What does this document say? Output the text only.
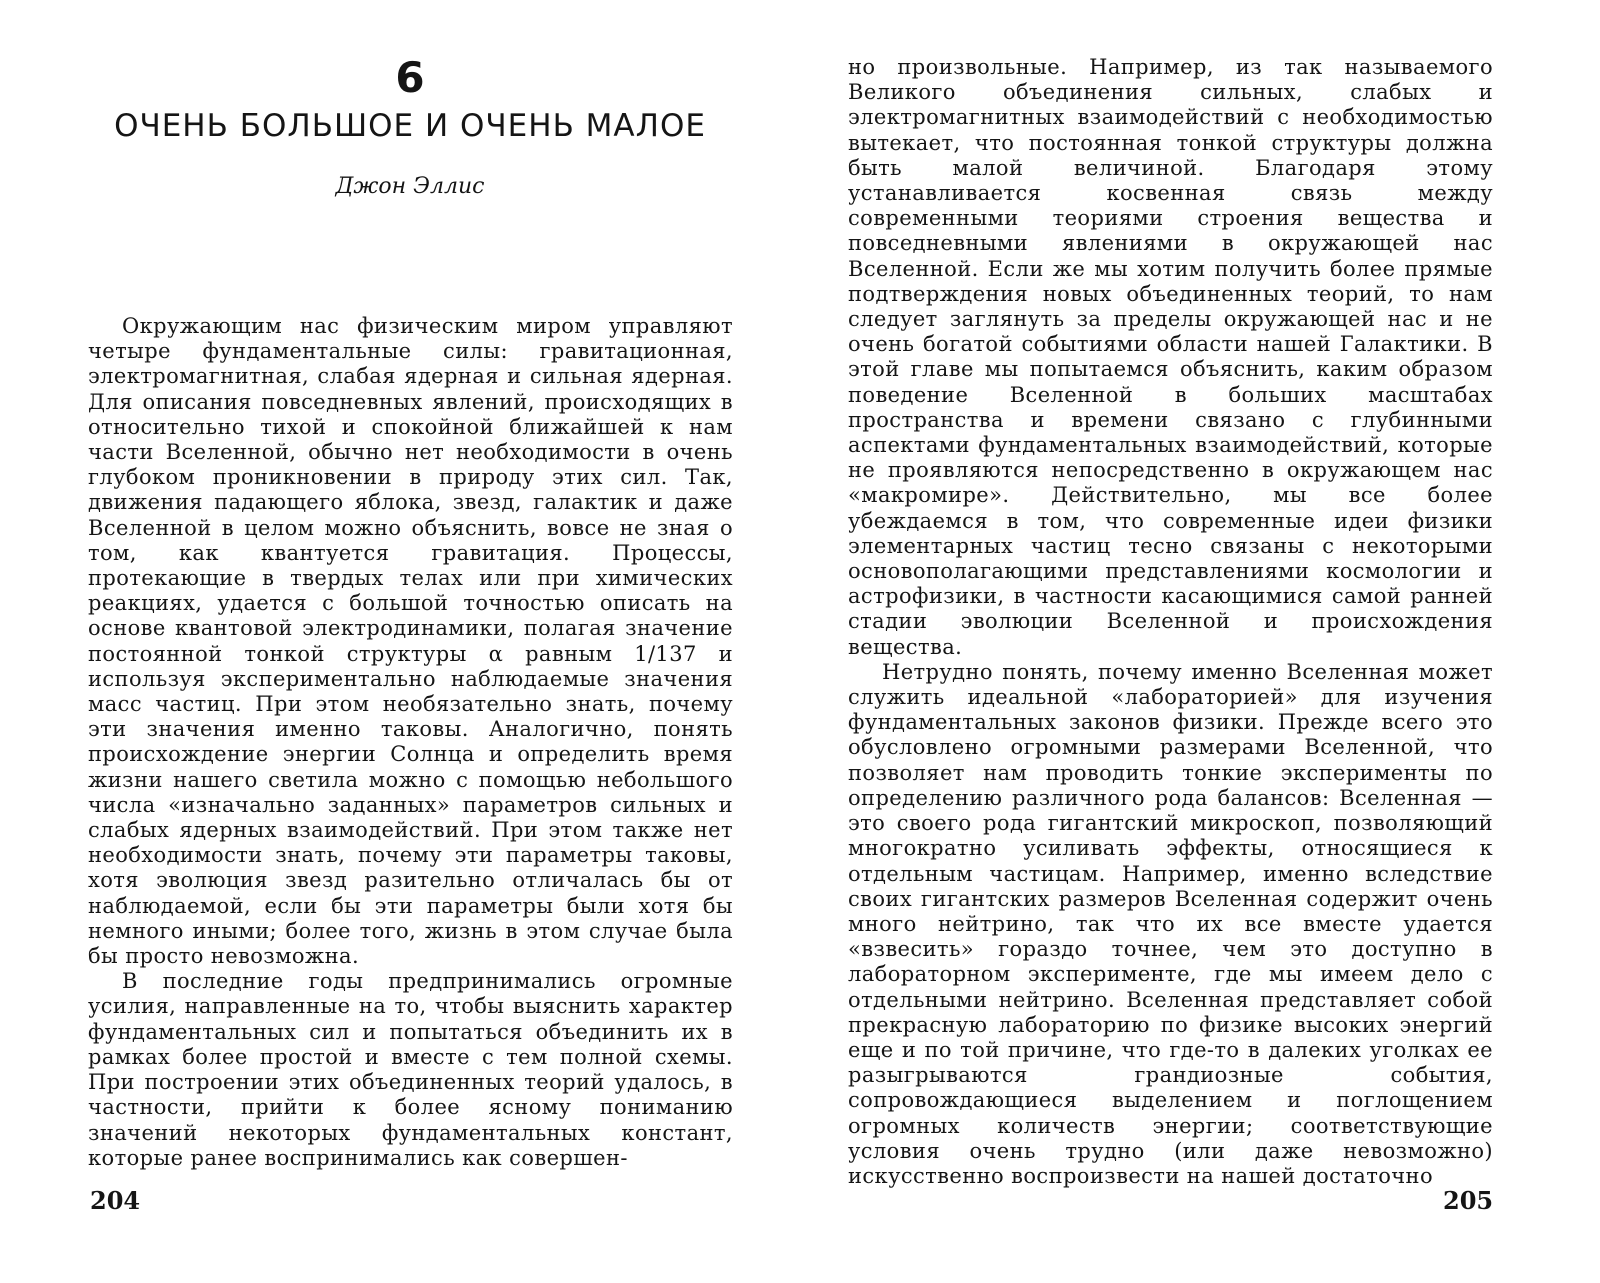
6
ОЧЕНЬ БОЛЬШОЕ И ОЧЕНЬ МАЛОЕ
Джон Эллис

Окружающим нас физическим миром управляют четыре фундаментальные силы: гравитационная, электромагнитная, слабая ядерная и сильная ядерная. Для описания повседневных явлений, происходящих в относительно тихой и спокойной ближайшей к нам части Вселенной, обычно нет необходимости в очень глубоком проникновении в природу этих сил. Так, движения падающего яблока, звезд, галактик и даже Вселенной в целом можно объяснить, вовсе не зная о том, как квантуется гравитация. Процессы, протекающие в твердых телах или при химических реакциях, удается с большой точностью описать на основе квантовой электродинамики, полагая значение постоянной тонкой структуры α равным 1/137 и используя экспериментально наблюдаемые значения масс частиц. При этом необязательно знать, почему эти значения именно таковы. Аналогично, понять происхождение энергии Солнца и определить время жизни нашего светила можно с помощью небольшого числа «изначально заданных» параметров сильных и слабых ядерных взаимодействий. При этом также нет необходимости знать, почему эти параметры таковы, хотя эволюция звезд разительно отличалась бы от наблюдаемой, если бы эти параметры были хотя бы немного иными; более того, жизнь в этом случае была бы просто невозможна.

В последние годы предпринимались огромные усилия, направленные на то, чтобы выяснить характер фундаментальных сил и попытаться объединить их в рамках более простой и вместе с тем полной схемы. При построении этих объединенных теорий удалось, в частности, прийти к более ясному пониманию значений некоторых фундаментальных констант, которые ранее воспринимались как совершен-

204

но произвольные. Например, из так называемого Великого объединения сильных, слабых и электромагнитных взаимодействий с необходимостью вытекает, что постоянная тонкой структуры должна быть малой величиной. Благодаря этому устанавливается косвенная связь между современными теориями строения вещества и повседневными явлениями в окружающей нас Вселенной. Если же мы хотим получить более прямые подтверждения новых объединенных теорий, то нам следует заглянуть за пределы окружающей нас и не очень богатой событиями области нашей Галактики. В этой главе мы попытаемся объяснить, каким образом поведение Вселенной в больших масштабах пространства и времени связано с глубинными аспектами фундаментальных взаимодействий, которые не проявляются непосредственно в окружающем нас «макромире». Действительно, мы все более убеждаемся в том, что современные идеи физики элементарных частиц тесно связаны с некоторыми основополагающими представлениями космологии и астрофизики, в частности касающимися самой ранней стадии эволюции Вселенной и происхождения вещества.

Нетрудно понять, почему именно Вселенная может служить идеальной «лабораторией» для изучения фундаментальных законов физики. Прежде всего это обусловлено огромными размерами Вселенной, что позволяет нам проводить тонкие эксперименты по определению различного рода балансов: Вселенная — это своего рода гигантский микроскоп, позволяющий многократно усиливать эффекты, относящиеся к отдельным частицам. Например, именно вследствие своих гигантских размеров Вселенная содержит очень много нейтрино, так что их все вместе удается «взвесить» гораздо точнее, чем это доступно в лабораторном эксперименте, где мы имеем дело с отдельными нейтрино. Вселенная представляет собой прекрасную лабораторию по физике высоких энергий еще и по той причине, что где-то в далеких уголках ее разыгрываются грандиозные события, сопровождающиеся выделением и поглощением огромных количеств энергии; соответствующие условия очень трудно (или даже невозможно) искусственно воспроизвести на нашей достаточно

205
